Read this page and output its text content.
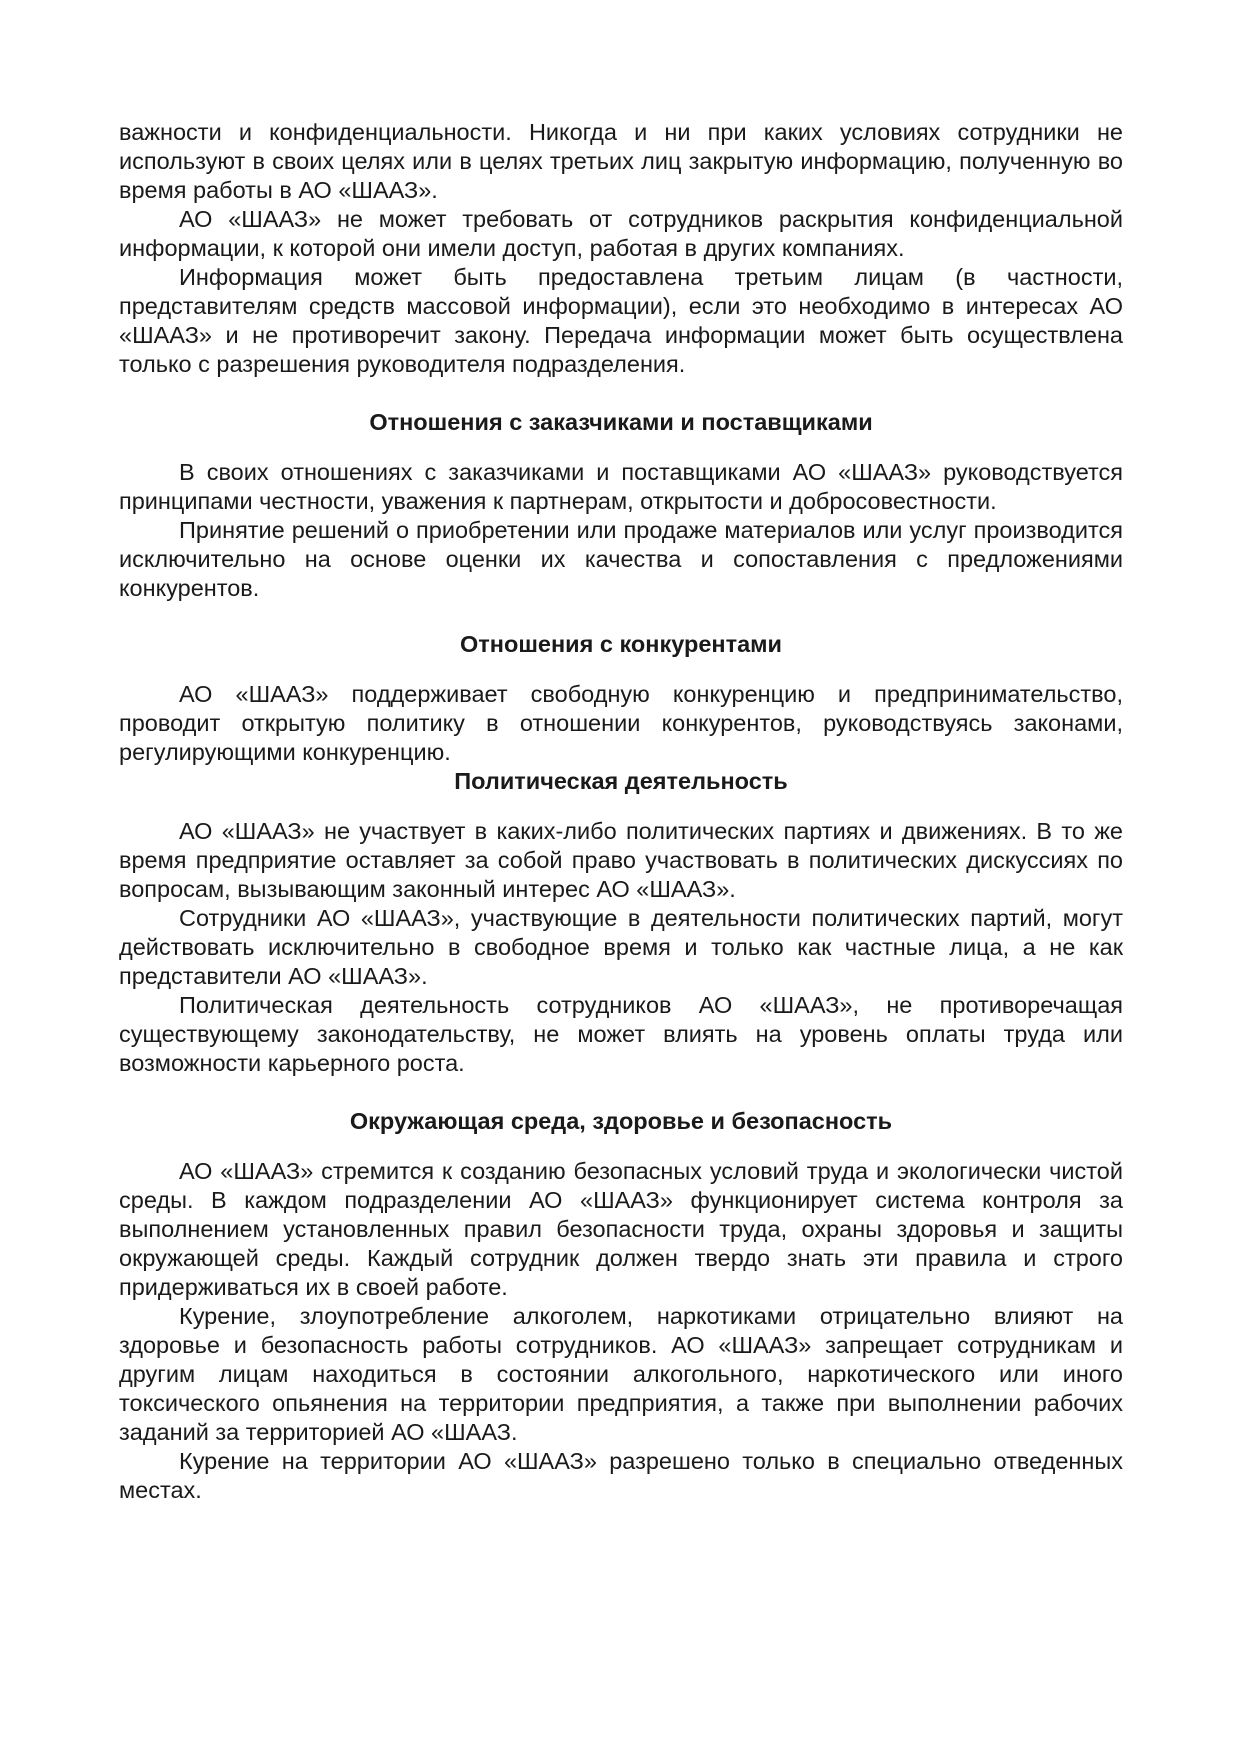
важности и конфиденциальности. Никогда и ни при каких условиях сотрудники не используют в своих целях или в целях третьих лиц закрытую информацию, полученную во время работы в АО «ШААЗ».

АО «ШААЗ» не может требовать от сотрудников раскрытия конфиденциальной информации, к которой они имели доступ, работая в других компаниях.

Информация может быть предоставлена третьим лицам (в частности, представителям средств массовой информации), если это необходимо в интересах АО «ШААЗ» и не противоречит закону. Передача информации может быть осуществлена только с разрешения руководителя подразделения.

Отношения с заказчиками и поставщиками

В своих отношениях с заказчиками и поставщиками АО «ШААЗ» руководствуется принципами честности, уважения к партнерам, открытости и добросовестности.

Принятие решений о приобретении или продаже материалов или услуг производится исключительно на основе оценки их качества и сопоставления с предложениями конкурентов.

Отношения с конкурентами

АО «ШААЗ» поддерживает свободную конкуренцию и предпринимательство, проводит открытую политику в отношении конкурентов, руководствуясь законами, регулирующими конкуренцию.

Политическая деятельность

АО «ШААЗ» не участвует в каких-либо политических партиях и движениях. В то же время предприятие оставляет за собой право участвовать в политических дискуссиях по вопросам, вызывающим законный интерес АО «ШААЗ».

Сотрудники АО «ШААЗ», участвующие в деятельности политических партий, могут действовать исключительно в свободное время и только как частные лица, а не как представители АО «ШААЗ».

Политическая деятельность сотрудников АО «ШААЗ», не противоречащая существующему законодательству, не может влиять на уровень оплаты труда или возможности карьерного роста.

Окружающая среда, здоровье и безопасность

АО «ШААЗ» стремится к созданию безопасных условий труда и экологически чистой среды. В каждом подразделении АО «ШААЗ» функционирует система контроля за выполнением установленных правил безопасности труда, охраны здоровья и защиты окружающей среды. Каждый сотрудник должен твердо знать эти правила и строго придерживаться их в своей работе.

Курение, злоупотребление алкоголем, наркотиками отрицательно влияют на здоровье и безопасность работы сотрудников. АО «ШААЗ» запрещает сотрудникам и другим лицам находиться в состоянии алкогольного, наркотического или иного токсического опьянения на территории предприятия, а также при выполнении рабочих заданий за территорией АО «ШААЗ.

Курение на территории АО «ШААЗ» разрешено только в специально отведенных местах.
